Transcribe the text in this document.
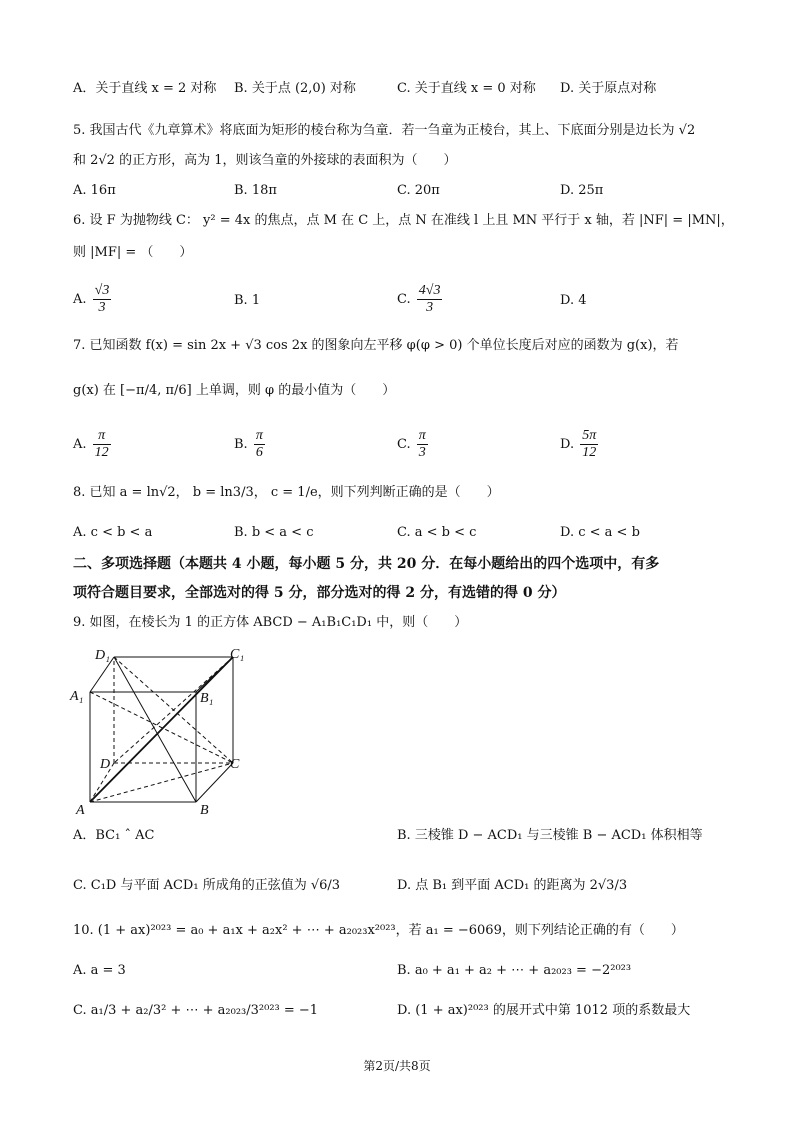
A．关于直线 x = 2 对称 B. 关于点 (2,0) 对称	C. 关于直线 x = 0 对称 D. 关于原点对称
5. 我国古代《九章算术》将底面为矩形的棱台称为刍童．若一刍童为正棱台，其上、下底面分别是边长为 √2
和 2√2 的正方形，高为 1，则该刍童的外接球的表面积为（　　）
A. 16π	B. 18π	C. 20π	D. 25π
6. 设 F 为抛物线 C： y² = 4x 的焦点，点 M 在 C 上，点 N 在准线 l 上且 MN 平行于 x 轴，若 |NF| = |MN|，
则 |MF| = （　　）
A. $\frac{√3}{3}$	B. 1	C. $\frac{4√3}{3}$	D. 4
7. 已知函数 f(x) = sin 2x + √3 cos 2x 的图象向左平移 φ(φ > 0) 个单位长度后对应的函数为 g(x)，若
g(x) 在 [−π/4, π/6] 上单调，则 φ 的最小值为（　　）
A. $\frac{\pi}{12}$	B. $\frac{\pi}{6}$	C. $\frac{\pi}{3}$	D. $\frac{5\pi}{12}$
8. 已知 a = ln√2， b = ln3/3， c = 1/e，则下列判断正确的是（　　）
A. c < b < a	B. b < a < c	C. a < b < c	D. c < a < b
二、多项选择题（本题共 4 小题，每小题 5 分，共 20 分．在每小题给出的四个选项中，有多
项符合题目要求，全部选对的得 5 分，部分选对的得 2 分，有选错的得 0 分）
9. 如图，在棱长为 1 的正方体 ABCD − A₁B₁C₁D₁ 中，则（　　）
D₁	C₁
A₁	B₁
D	C
A	B
A．BC₁ ˆ AC	B. 三棱锥 D − ACD₁ 与三棱锥 B − ACD₁ 体积相等
C. C₁D 与平面 ACD₁ 所成角的正弦值为 √6/3	D. 点 B₁ 到平面 ACD₁ 的距离为 2√3/3
10. (1 + ax)²⁰²³ = a₀ + a₁x + a₂x² + ⋯ + a₂₀₂₃x²⁰²³，若 a₁ = −6069，则下列结论正确的有（　　）
A. a = 3	B. a₀ + a₁ + a₂ + ⋯ + a₂₀₂₃ = −2²⁰²³
C. a₁/3 + a₂/3² + ⋯ + a₂₀₂₃/3²⁰²³ = −1	D. (1 + ax)²⁰²³ 的展开式中第 1012 项的系数最大
第2页/共8页
